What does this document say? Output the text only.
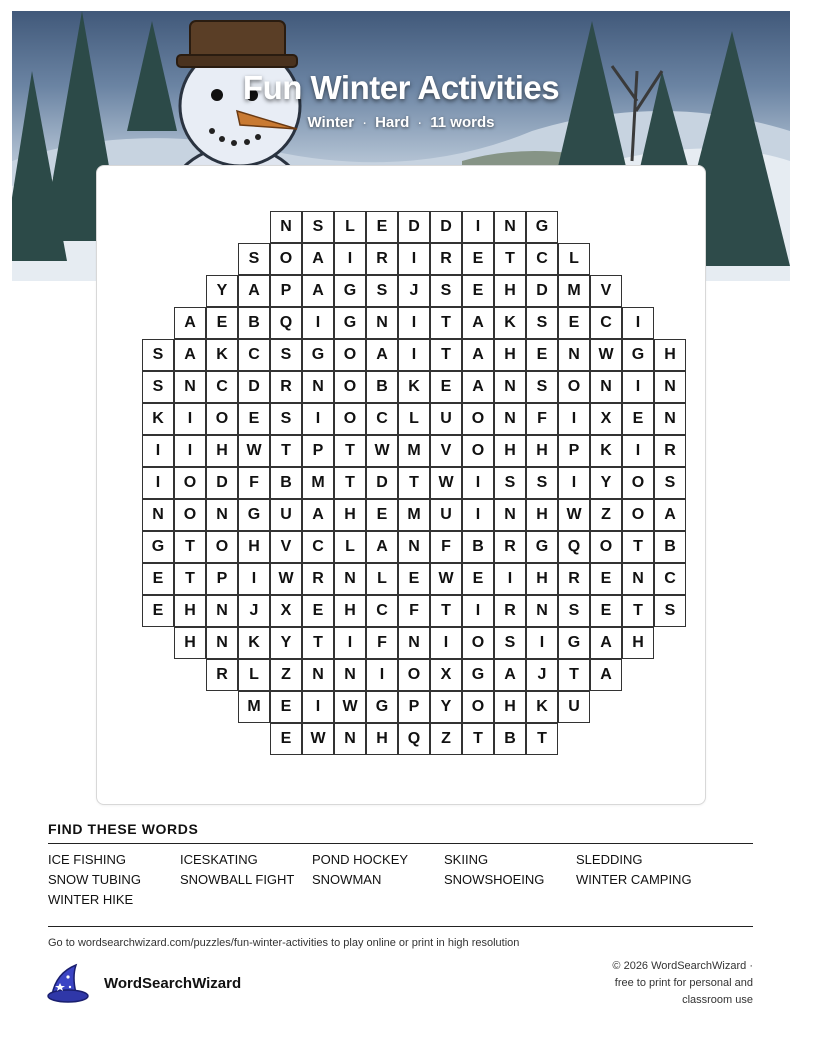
Fun Winter Activities
Winter · Hard · 11 words
N	S	L	E	D	D	I	N	G
S	O	A	I	R	I	R	E	T	C	L
Y	A	P	A	G	S	J	S	E	H	D	M	V
A	E	B	Q	I	G	N	I	T	A	K	S	E	C	I
S	A	K	C	S	G	O	A	I	T	A	H	E	N	W	G	H
S	N	C	D	R	N	O	B	K	E	A	N	S	O	N	I	N
K	I	O	E	S	I	O	C	L	U	O	N	F	I	X	E	N
I	I	H	W	T	P	T	W	M	V	O	H	H	P	K	I	R
I	O	D	F	B	M	T	D	T	W	I	S	S	I	Y	O	S
N	O	N	G	U	A	H	E	M	U	I	N	H	W	Z	O	A
G	T	O	H	V	C	L	A	N	F	B	R	G	Q	O	T	B
E	T	P	I	W	R	N	L	E	W	E	I	H	R	E	N	C
E	H	N	J	X	E	H	C	F	T	I	R	N	S	E	T	S
H	N	K	Y	T	I	F	N	I	O	S	I	G	A	H
R	L	Z	N	N	I	O	X	G	A	J	T	A
M	E	I	W	G	P	Y	O	H	K	U
E	W	N	H	Q	Z	T	B	T
FIND THESE WORDS
ICE FISHING	ICESKATING	POND HOCKEY	SKIING	SLEDDING
SNOW TUBING	SNOWBALL FIGHT	SNOWMAN	SNOWSHOEING	WINTER CAMPING
WINTER HIKE
Go to wordsearchwizard.com/puzzles/fun-winter-activities to play online or print in high resolution
WordSearchWizard
© 2026 WordSearchWizard ·
free to print for personal and
classroom use
